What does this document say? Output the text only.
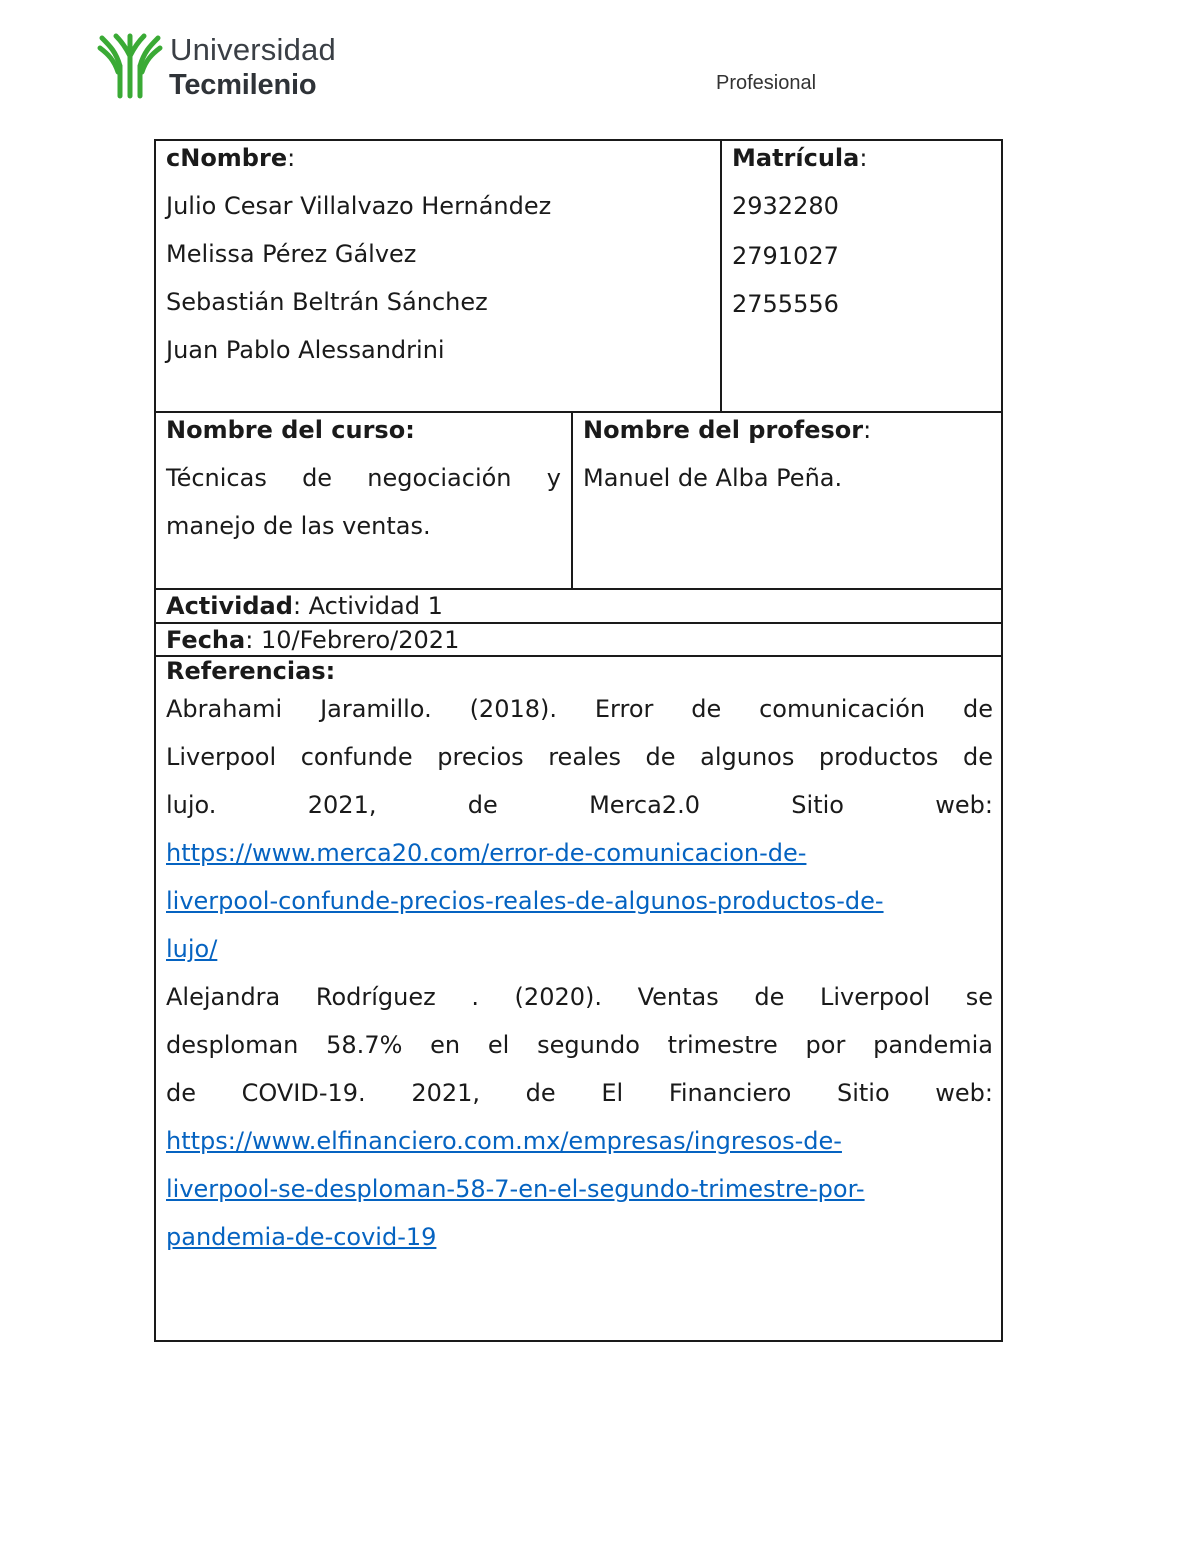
Universidad
Tecmilenio	Profesional
cNombre:
Julio Cesar Villalvazo Hernández
Melissa Pérez Gálvez
Sebastián Beltrán Sánchez
Juan Pablo Alessandrini
Matrícula:
2932280
2791027
2755556
Nombre del curso:
Técnicas de negociación y
manejo de las ventas.
Nombre del profesor:
Manuel de Alba Peña.
Actividad: Actividad 1
Fecha: 10/Febrero/2021
Referencias:
Abrahami Jaramillo. (2018). Error de comunicación de
Liverpool confunde precios reales de algunos productos de
lujo. 2021, de Merca2.0 Sitio web:
https://www.merca20.com/error-de-comunicacion-de-
liverpool-confunde-precios-reales-de-algunos-productos-de-
lujo/
Alejandra Rodríguez . (2020). Ventas de Liverpool se
desploman 58.7% en el segundo trimestre por pandemia
de COVID-19. 2021, de El Financiero Sitio web:
https://www.elfinanciero.com.mx/empresas/ingresos-de-
liverpool-se-desploman-58-7-en-el-segundo-trimestre-por-
pandemia-de-covid-19
